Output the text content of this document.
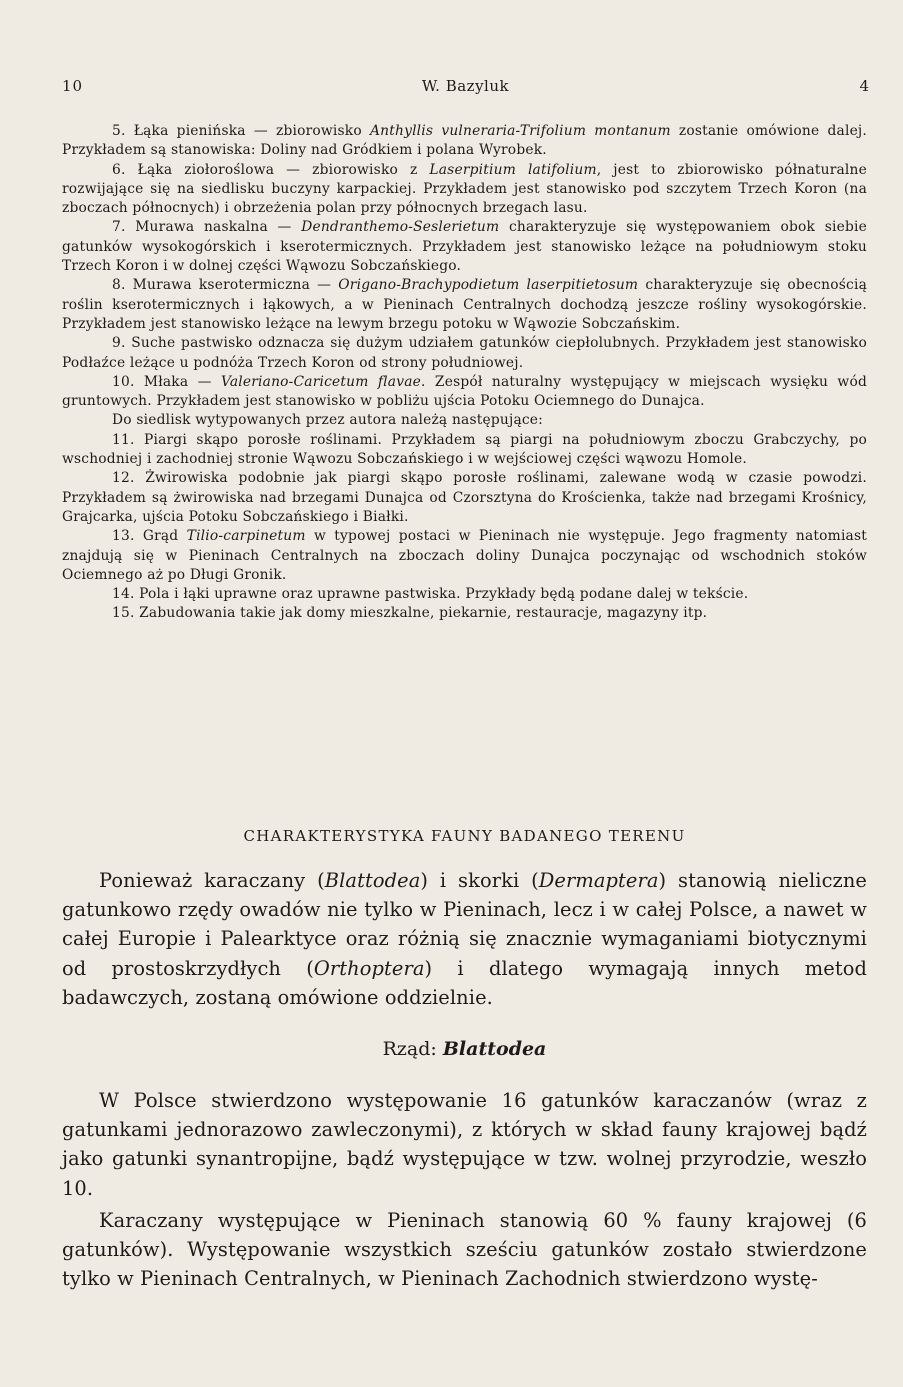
10	W. Bazyluk	4

5. Łąka pienińska — zbiorowisko Anthyllis vulneraria-Trifolium montanum zostanie omówione dalej. Przykładem są stanowiska: Doliny nad Gródkiem i polana Wyrobek.

6. Łąka ziołoroślowa — zbiorowisko z Laserpitium latifolium, jest to zbiorowisko półnaturalne rozwijające się na siedlisku buczyny karpackiej. Przykładem jest stanowisko pod szczytem Trzech Koron (na zboczach północnych) i obrzeżenia polan przy północnych brzegach lasu.

7. Murawa naskalna — Dendranthemo-Seslerietum charakteryzuje się występowaniem obok siebie gatunków wysokogórskich i kserotermicznych. Przykładem jest stanowisko leżące na południowym stoku Trzech Koron i w dolnej części Wąwozu Sobczańskiego.

8. Murawa kserotermiczna — Origano-Brachypodietum laserpitietosum charakteryzuje się obecnością roślin kserotermicznych i łąkowych, a w Pieninach Centralnych dochodzą jeszcze rośliny wysokogórskie. Przykładem jest stanowisko leżące na lewym brzegu potoku w Wąwozie Sobczańskim.

9. Suche pastwisko odznacza się dużym udziałem gatunków ciepłolubnych. Przykładem jest stanowisko Podłaźce leżące u podnóża Trzech Koron od strony południowej.

10. Młaka — Valeriano-Caricetum flavae. Zespół naturalny występujący w miejscach wysięku wód gruntowych. Przykładem jest stanowisko w pobliżu ujścia Potoku Ociemnego do Dunajca.

Do siedlisk wytypowanych przez autora należą następujące:

11. Piargi skąpo porosłe roślinami. Przykładem są piargi na południowym zboczu Grabczychy, po wschodniej i zachodniej stronie Wąwozu Sobczańskiego i w wejściowej części wąwozu Homole.

12. Żwirowiska podobnie jak piargi skąpo porosłe roślinami, zalewane wodą w czasie powodzi. Przykładem są żwirowiska nad brzegami Dunajca od Czorsztyna do Krościenka, także nad brzegami Krośnicy, Grajcarka, ujścia Potoku Sobczańskiego i Białki.

13. Grąd Tilio-carpinetum w typowej postaci w Pieninach nie występuje. Jego fragmenty natomiast znajdują się w Pieninach Centralnych na zboczach doliny Dunajca poczynając od wschodnich stoków Ociemnego aż po Długi Gronik.

14. Pola i łąki uprawne oraz uprawne pastwiska. Przykłady będą podane dalej w tekście.

15. Zabudowania takie jak domy mieszkalne, piekarnie, restauracje, magazyny itp.

CHARAKTERYSTYKA FAUNY BADANEGO TERENU

Ponieważ karaczany (Blattodea) i skorki (Dermaptera) stanowią nieliczne gatunkowo rzędy owadów nie tylko w Pieninach, lecz i w całej Polsce, a nawet w całej Europie i Palearktyce oraz różnią się znacznie wymaganiami biotycznymi od prostoskrzydłych (Orthoptera) i dlatego wymagają innych metod badawczych, zostaną omówione oddzielnie.

Rząd: Blattodea

W Polsce stwierdzono występowanie 16 gatunków karaczanów (wraz z gatunkami jednorazowo zawleczonymi), z których w skład fauny krajowej bądź jako gatunki synantropijne, bądź występujące w tzw. wolnej przyrodzie, weszło 10.

Karaczany występujące w Pieninach stanowią 60 % fauny krajowej (6 gatunków). Występowanie wszystkich sześciu gatunków zostało stwierdzone tylko w Pieninach Centralnych, w Pieninach Zachodnich stwierdzono wystę-
